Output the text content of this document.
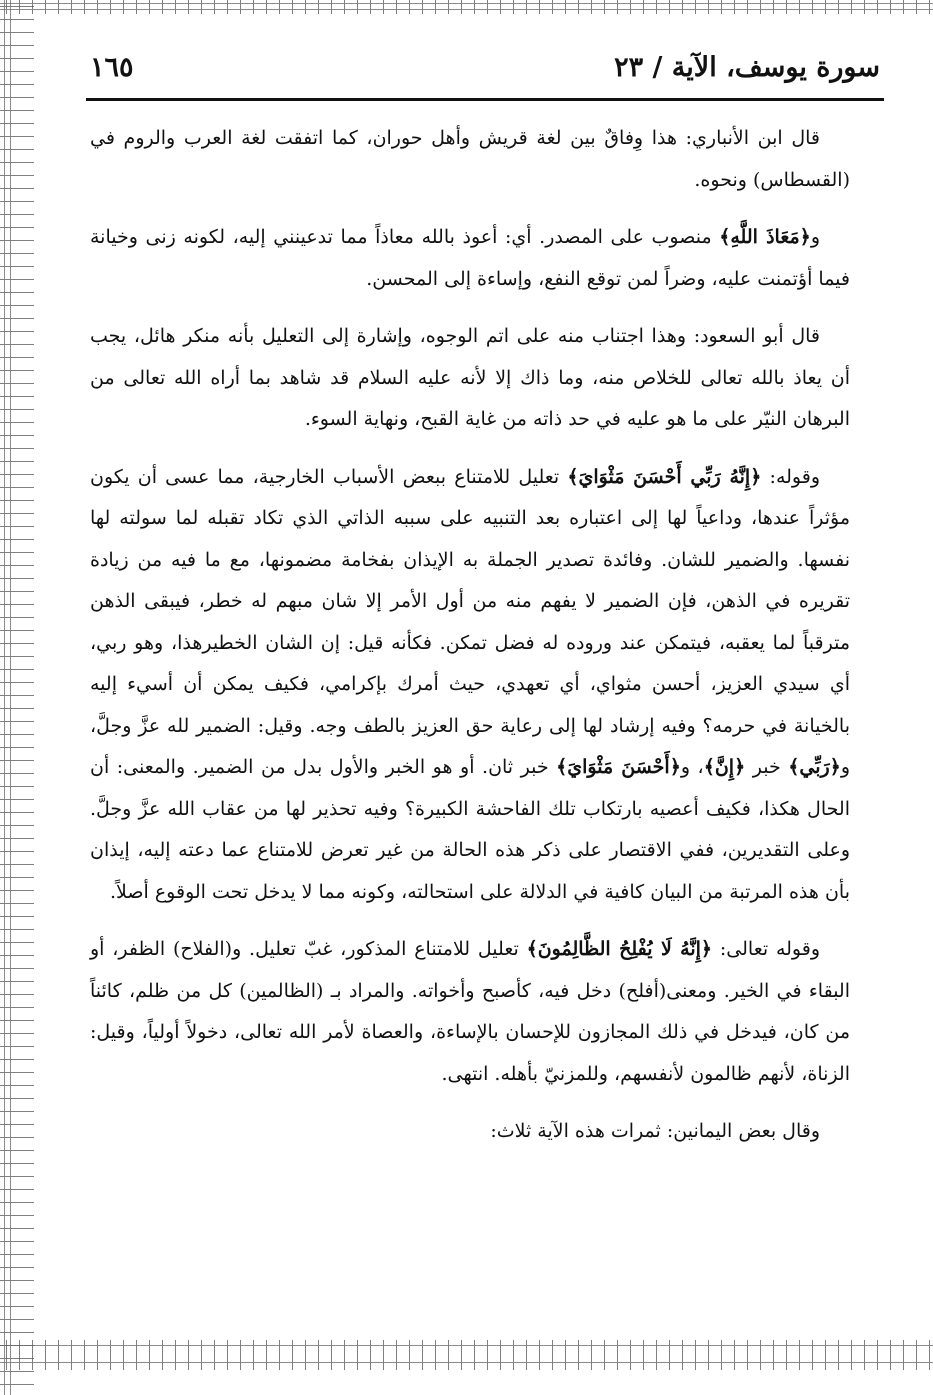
سورة يوسف، الآية / ٢٣
١٦٥

قال ابن الأنباري: هذا وِفاقٌ بين لغة قريش وأهل حوران، كما اتفقت لغة العرب والروم في (القسطاس) ونحوه.

و﴿مَعَاذَ اللَّهِ﴾ منصوب على المصدر. أي: أعوذ بالله معاذاً مما تدعينني إليه، لكونه زنى وخيانة فيما أؤتمنت عليه، وضراً لمن توقع النفع، وإساءة إلى المحسن.

قال أبو السعود: وهذا اجتناب منه على اتم الوجوه، وإشارة إلى التعليل بأنه منكر هائل، يجب أن يعاذ بالله تعالى للخلاص منه، وما ذاك إلا لأنه عليه السلام قد شاهد بما أراه الله تعالى من البرهان النيّر على ما هو عليه في حد ذاته من غاية القبح، ونهاية السوء.

وقوله: ﴿إِنَّهُ رَبِّي أَحْسَنَ مَثْوَايَ﴾ تعليل للامتناع ببعض الأسباب الخارجية، مما عسى أن يكون مؤثراً عندها، وداعياً لها إلى اعتباره بعد التنبيه على سببه الذاتي الذي تكاد تقبله لما سولته لها نفسها. والضمير للشان. وفائدة تصدير الجملة به الإيذان بفخامة مضمونها، مع ما فيه من زيادة تقريره في الذهن، فإن الضمير لا يفهم منه من أول الأمر إلا شان مبهم له خطر، فيبقى الذهن مترقباً لما يعقبه، فيتمكن عند وروده له فضل تمكن. فكأنه قيل: إن الشان الخطيرهذا، وهو ربي، أي سيدي العزيز، أحسن مثواي، أي تعهدي، حيث أمرك بإكرامي، فكيف يمكن أن أسيء إليه بالخيانة في حرمه؟ وفيه إرشاد لها إلى رعاية حق العزيز بالطف وجه. وقيل: الضمير لله عزَّ وجلَّ، و﴿رَبِّي﴾ خبر ﴿إِنَّ﴾، و﴿أَحْسَنَ مَثْوَايَ﴾ خبر ثان. أو هو الخبر والأول بدل من الضمير. والمعنى: أن الحال هكذا، فكيف أعصيه بارتكاب تلك الفاحشة الكبيرة؟ وفيه تحذير لها من عقاب الله عزَّ وجلَّ. وعلى التقديرين، ففي الاقتصار على ذكر هذه الحالة من غير تعرض للامتناع عما دعته إليه، إيذان بأن هذه المرتبة من البيان كافية في الدلالة على استحالته، وكونه مما لا يدخل تحت الوقوع أصلاً.

وقوله تعالى: ﴿إِنَّهُ لَا يُفْلِحُ الظَّالِمُونَ﴾ تعليل للامتناع المذكور، غبّ تعليل. و(الفلاح) الظفر، أو البقاء في الخير. ومعنى(أفلح) دخل فيه، كأصبح وأخواته. والمراد بـ (الظالمين) كل من ظلم، كائناً من كان، فيدخل في ذلك المجازون للإحسان بالإساءة، والعصاة لأمر الله تعالى، دخولاً أولياً، وقيل: الزناة، لأنهم ظالمون لأنفسهم، وللمزنيّ بأهله. انتهى.

وقال بعض اليمانين: ثمرات هذه الآية ثلاث:
